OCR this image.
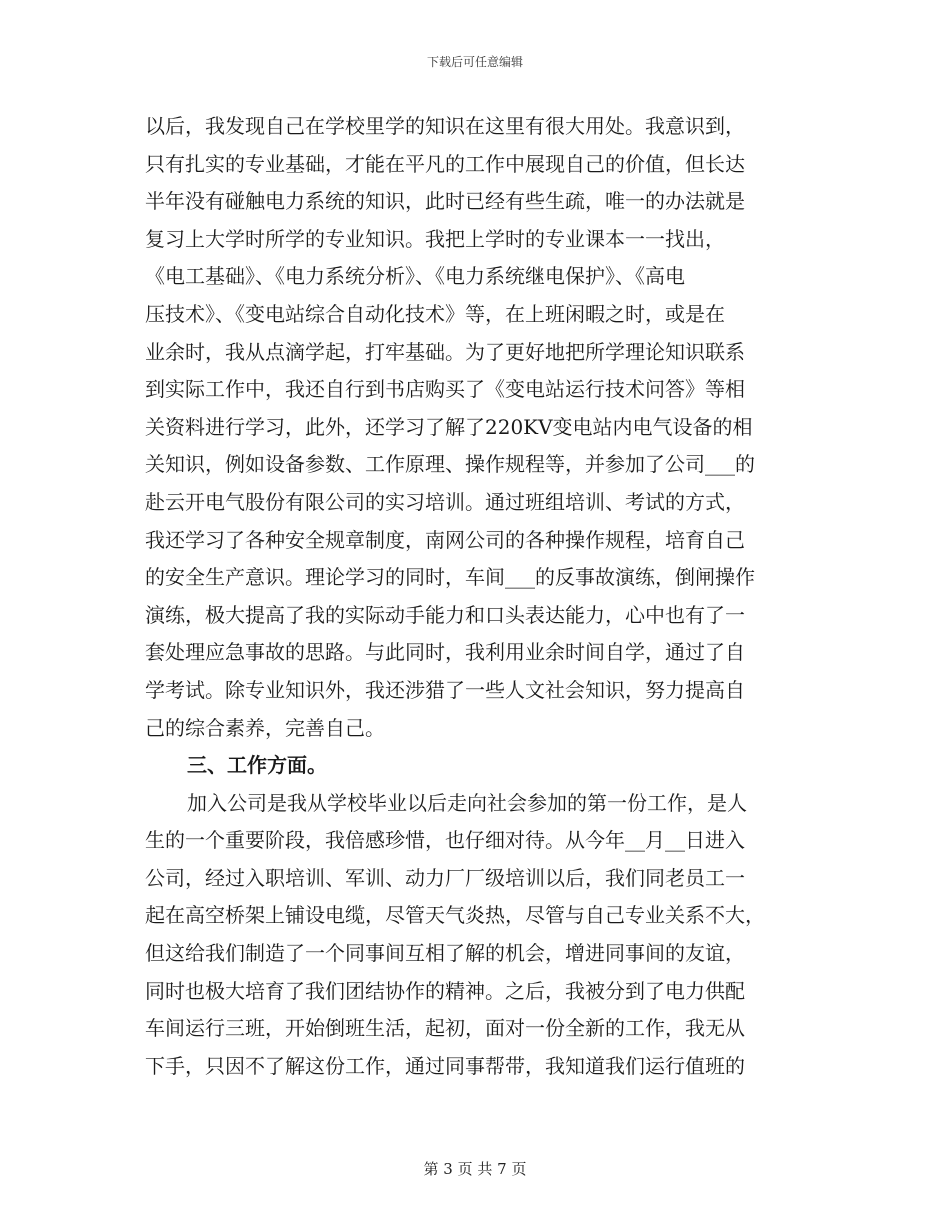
下载后可任意编辑
以后，我发现自己在学校里学的知识在这里有很大用处。我意识到，
只有扎实的专业基础，才能在平凡的工作中展现自己的价值，但长达
半年没有碰触电力系统的知识，此时已经有些生疏，唯一的办法就是
复习上大学时所学的专业知识。我把上学时的专业课本一一找出，
《电工基础》、《电力系统分析》、《电力系统继电保护》、《高电
压技术》、《变电站综合自动化技术》等，在上班闲暇之时，或是在
业余时，我从点滴学起，打牢基础。为了更好地把所学理论知识联系
到实际工作中，我还自行到书店购买了《变电站运行技术问答》等相
关资料进行学习，此外，还学习了解了220KV变电站内电气设备的相
关知识，例如设备参数、工作原理、操作规程等，并参加了公司___的
赴云开电气股份有限公司的实习培训。通过班组培训、考试的方式，
我还学习了各种安全规章制度，南网公司的各种操作规程，培育自己
的安全生产意识。理论学习的同时，车间___的反事故演练，倒闸操作
演练，极大提高了我的实际动手能力和口头表达能力，心中也有了一
套处理应急事故的思路。与此同时，我利用业余时间自学，通过了自
学考试。除专业知识外，我还涉猎了一些人文社会知识，努力提高自
己的综合素养，完善自己。
三、工作方面。
加入公司是我从学校毕业以后走向社会参加的第一份工作，是人
生的一个重要阶段，我倍感珍惜，也仔细对待。从今年__月__日进入
公司，经过入职培训、军训、动力厂厂级培训以后，我们同老员工一
起在高空桥架上铺设电缆，尽管天气炎热，尽管与自己专业关系不大，
但这给我们制造了一个同事间互相了解的机会，增进同事间的友谊，
同时也极大培育了我们团结协作的精神。之后，我被分到了电力供配
车间运行三班，开始倒班生活，起初，面对一份全新的工作，我无从
下手，只因不了解这份工作，通过同事帮带，我知道我们运行值班的
第 3 页 共 7 页
